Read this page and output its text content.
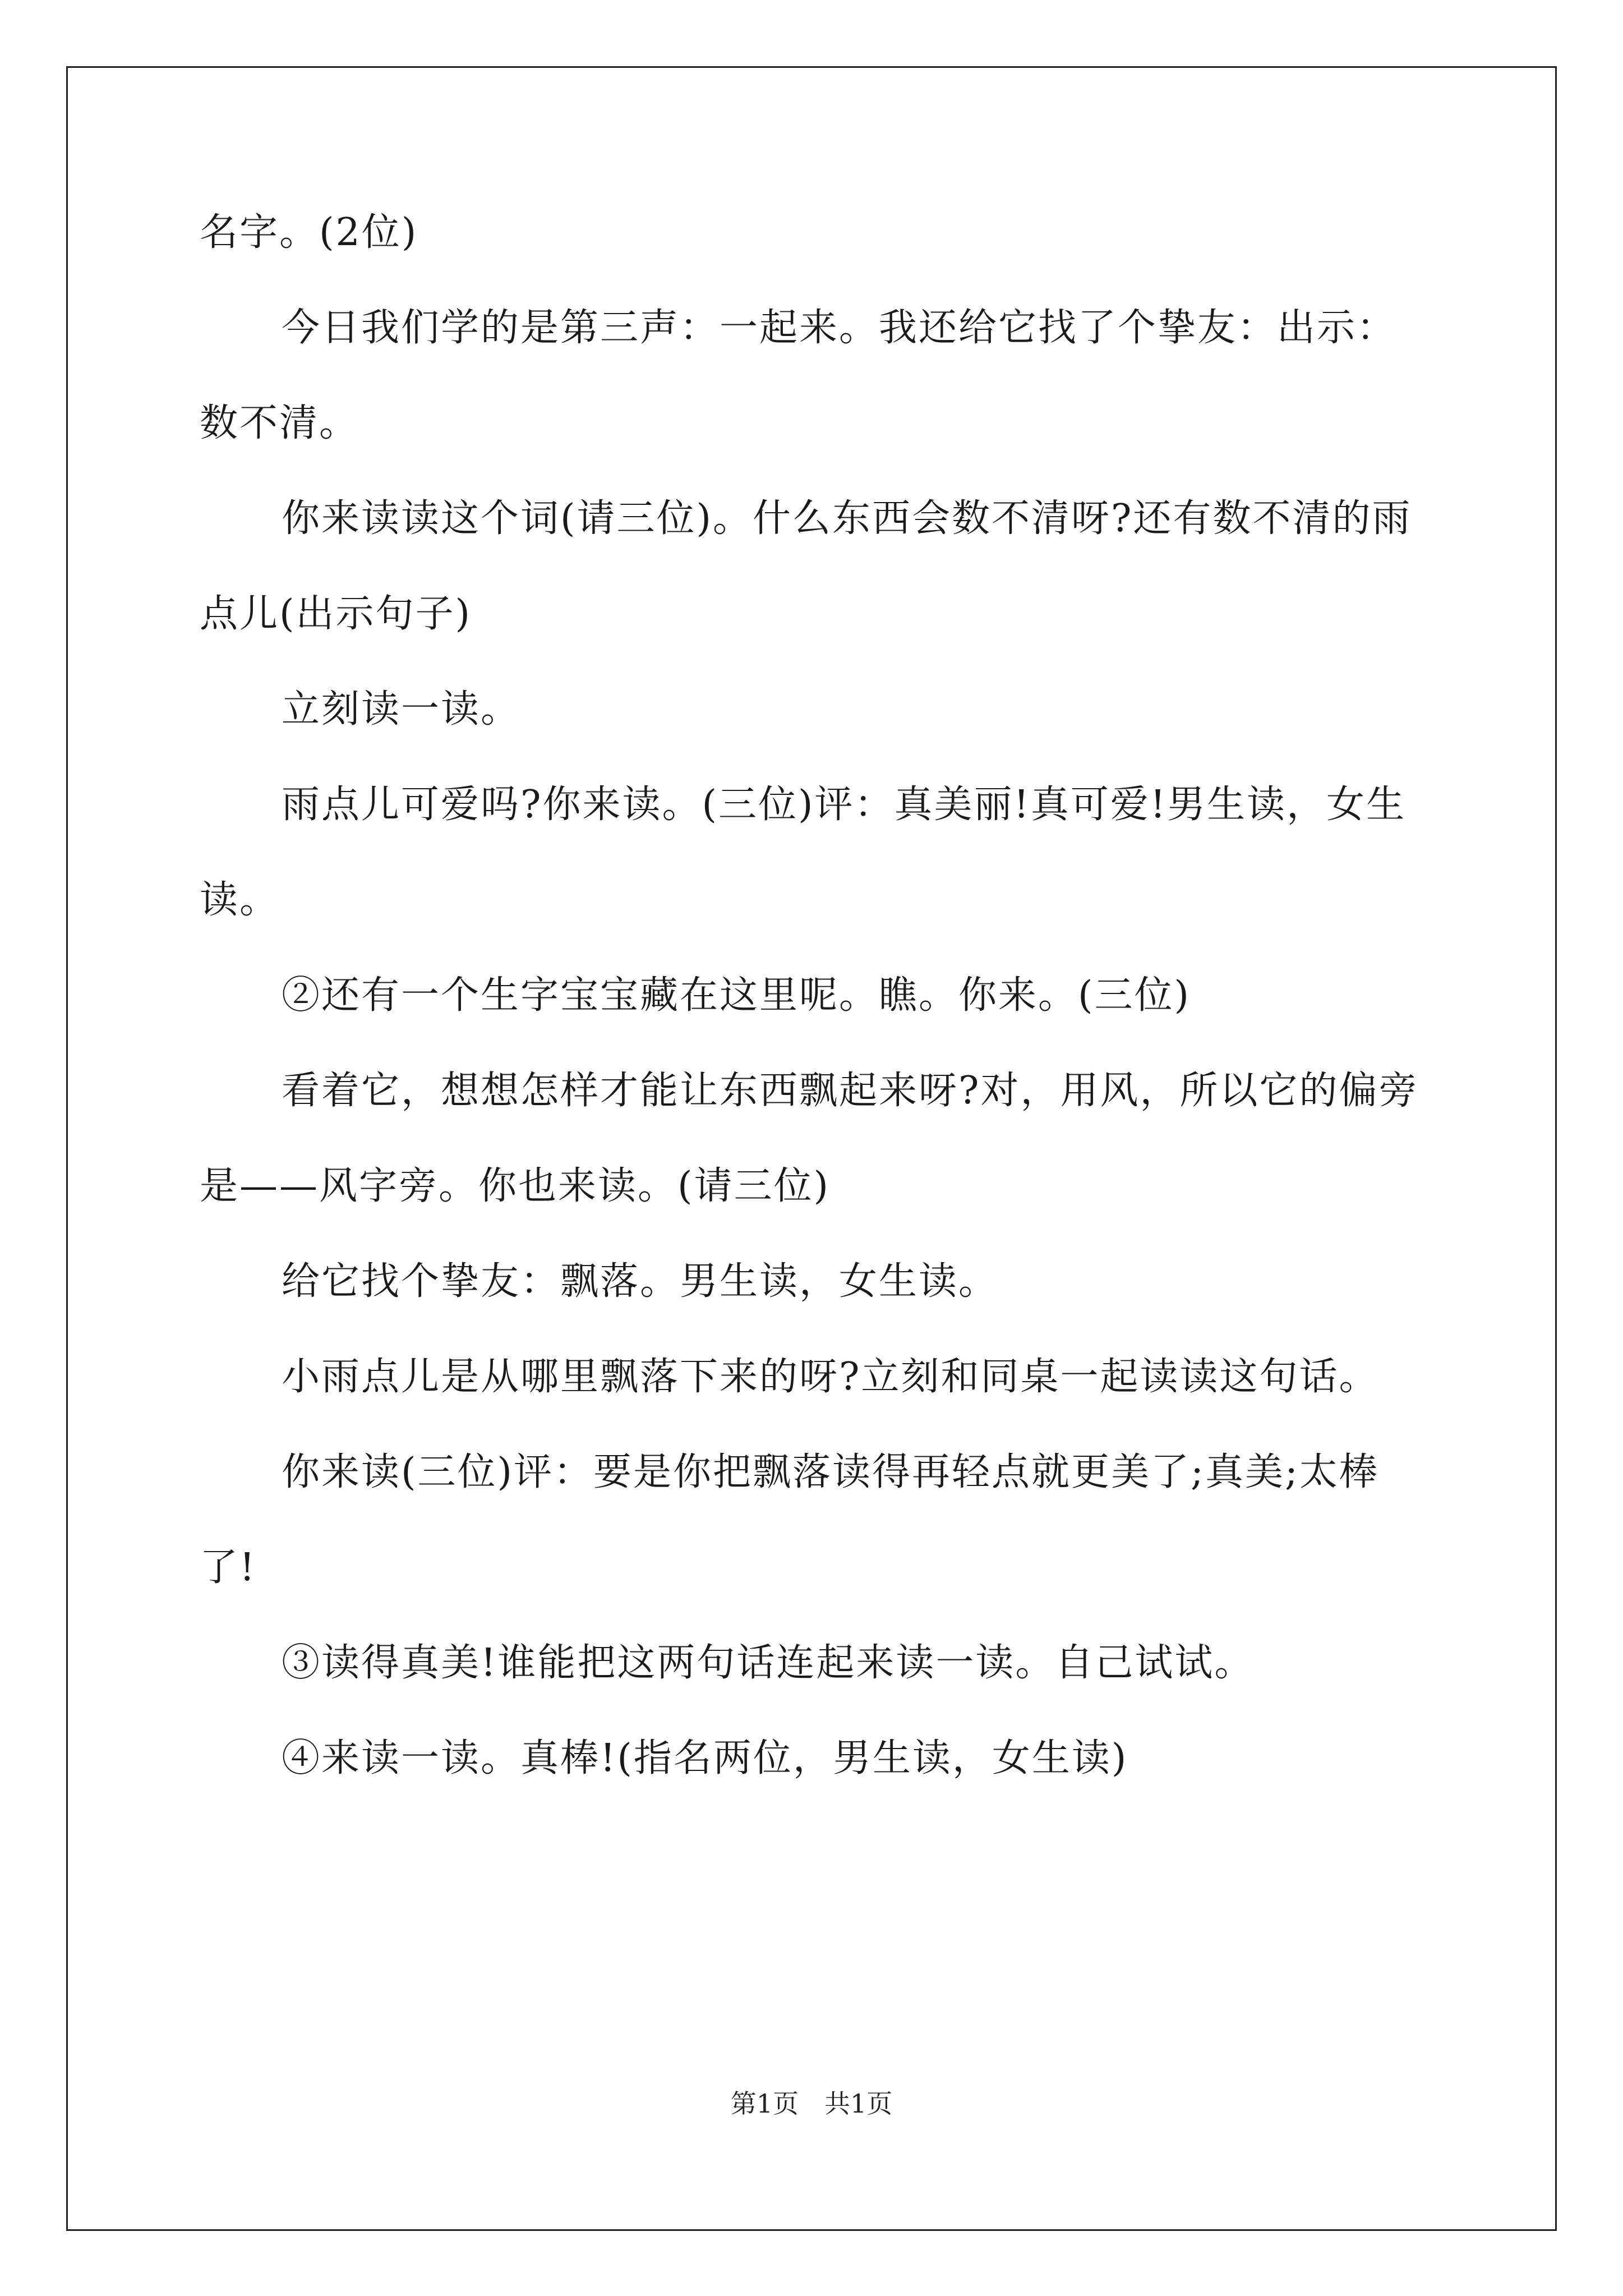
名字。(2位)
今日我们学的是第三声：一起来。我还给它找了个挚友：出示：
数不清。
你来读读这个词(请三位)。什么东西会数不清呀?还有数不清的雨
点儿(出示句子)
立刻读一读。
雨点儿可爱吗?你来读。(三位)评：真美丽!真可爱!男生读，女生
读。
②还有一个生字宝宝藏在这里呢。瞧。你来。(三位)
看着它，想想怎样才能让东西飘起来呀?对，用风，所以它的偏旁
是——风字旁。你也来读。(请三位)
给它找个挚友：飘落。男生读，女生读。
小雨点儿是从哪里飘落下来的呀?立刻和同桌一起读读这句话。
你来读(三位)评：要是你把飘落读得再轻点就更美了;真美;太棒
了!
③读得真美!谁能把这两句话连起来读一读。自己试试。
④来读一读。真棒!(指名两位，男生读，女生读)
第1页　共1页
